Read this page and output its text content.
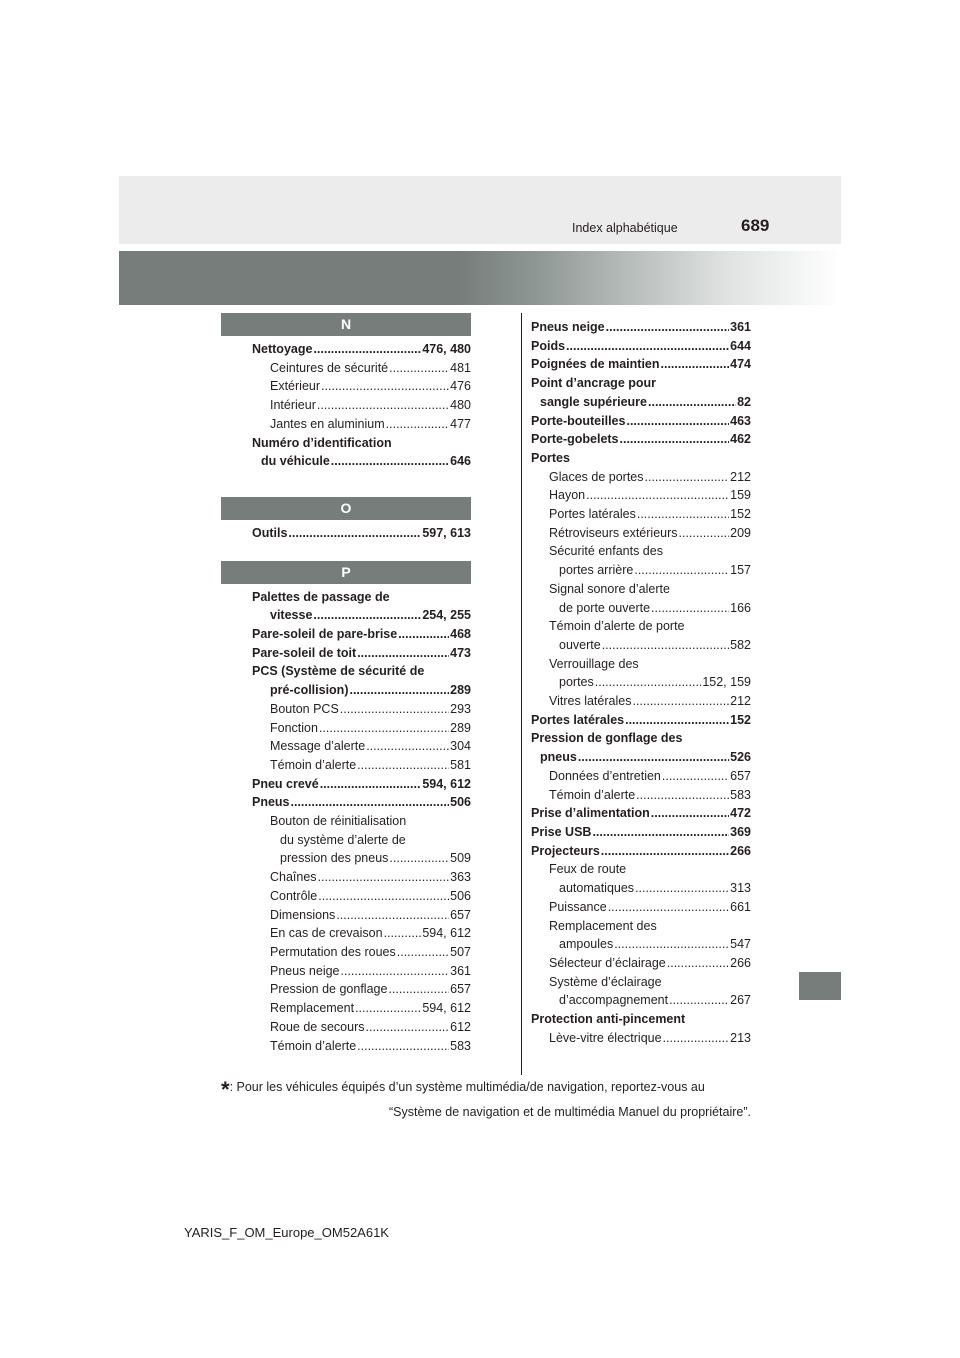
Index alphabétique	689
N
Nettoyage .....	476, 480
Ceintures de sécurité .....	481
Extérieur .....	476
Intérieur .....	480
Jantes en aluminium .....	477
Numéro d’identification
du véhicule .....	646
O
Outils .....	597, 613
P
Palettes de passage de
vitesse .....	254, 255
Pare-soleil de pare-brise .....	468
Pare-soleil de toit .....	473
PCS (Système de sécurité de
pré-collision) .....	289
Bouton PCS .....	293
Fonction .....	289
Message d’alerte .....	304
Témoin d’alerte .....	581
Pneu crevé .....	594, 612
Pneus .....	506
Bouton de réinitialisation
du système d’alerte de
pression des pneus .....	509
Chaînes .....	363
Contrôle .....	506
Dimensions .....	657
En cas de crevaison .....	594, 612
Permutation des roues .....	507
Pneus neige .....	361
Pression de gonflage .....	657
Remplacement .....	594, 612
Roue de secours .....	612
Témoin d’alerte .....	583
Pneus neige .....	361
Poids .....	644
Poignées de maintien .....	474
Point d’ancrage pour
sangle supérieure .....	82
Porte-bouteilles .....	463
Porte-gobelets .....	462
Portes
Glaces de portes .....	212
Hayon .....	159
Portes latérales .....	152
Rétroviseurs extérieurs .....	209
Sécurité enfants des
portes arrière .....	157
Signal sonore d’alerte
de porte ouverte .....	166
Témoin d’alerte de porte
ouverte .....	582
Verrouillage des
portes .....	152, 159
Vitres latérales .....	212
Portes latérales .....	152
Pression de gonflage des
pneus .....	526
Données d’entretien .....	657
Témoin d’alerte .....	583
Prise d’alimentation .....	472
Prise USB .....	369
Projecteurs .....	266
Feux de route
automatiques .....	313
Puissance .....	661
Remplacement des
ampoules .....	547
Sélecteur d’éclairage .....	266
Système d’éclairage
d’accompagnement .....	267
Protection anti-pincement
Lève-vitre électrique .....	213
*: Pour les véhicules équipés d’un système multimédia/de navigation, reportez-vous au
“Système de navigation et de multimédia Manuel du propriétaire”.
YARIS_F_OM_Europe_OM52A61K
